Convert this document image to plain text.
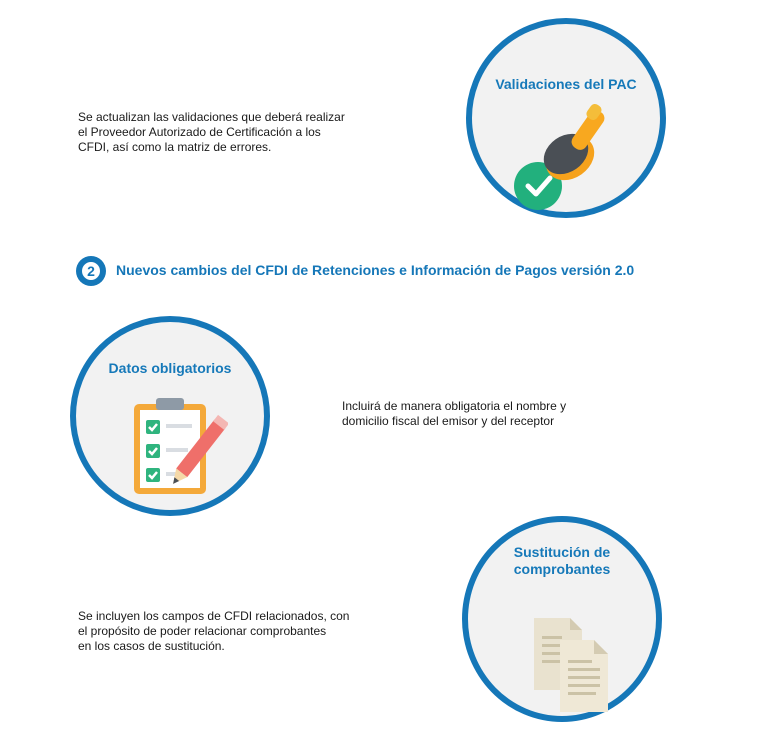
Se actualizan las validaciones que deberá realizar
el Proveedor Autorizado de Certificación a los
CFDI, así como la matriz de errores.
Validaciones del PAC
2	Nuevos cambios del CFDI de Retenciones e Información de Pagos versión 2.0
Datos obligatorios
Incluirá de manera obligatoria el nombre y
domicilio fiscal del emisor y del receptor
Se incluyen los campos de CFDI relacionados, con
el propósito de poder relacionar comprobantes
en los casos de sustitución.
Sustitución de
comprobantes
